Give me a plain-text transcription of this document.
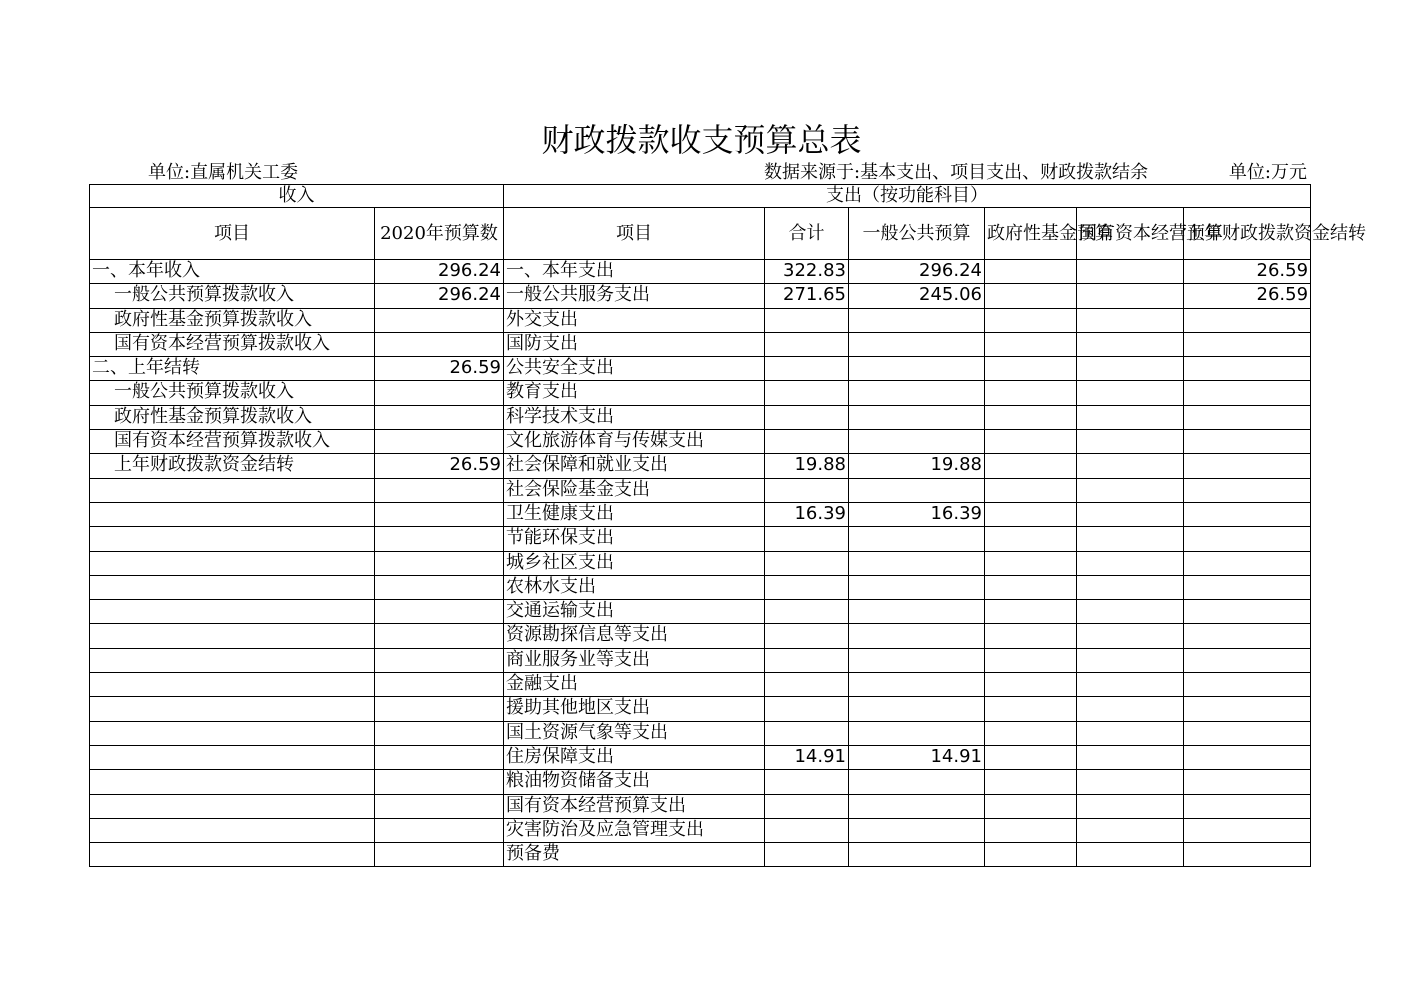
财政拨款收支预算总表
单位:直属机关工委	数据来源于:基本支出、项目支出、财政拨款结余	单位:万元
收入		支出（按功能科目）					
项目	2020年预算数	项目	合计	一般公共预算	政府性基金预算	国有资本经营预算	上年财政拨款资金结转
一、本年收入	296.24	一、本年支出	322.83	296.24			26.59
一般公共预算拨款收入	296.24	一般公共服务支出	271.65	245.06			26.59
政府性基金预算拨款收入		外交支出					
国有资本经营预算拨款收入		国防支出					
二、上年结转	26.59	公共安全支出					
一般公共预算拨款收入		教育支出					
政府性基金预算拨款收入		科学技术支出					
国有资本经营预算拨款收入		文化旅游体育与传媒支出					
上年财政拨款资金结转	26.59	社会保障和就业支出	19.88	19.88			
		社会保险基金支出					
		卫生健康支出	16.39	16.39			
		节能环保支出					
		城乡社区支出					
		农林水支出					
		交通运输支出					
		资源勘探信息等支出					
		商业服务业等支出					
		金融支出					
		援助其他地区支出					
		国土资源气象等支出					
		住房保障支出	14.91	14.91			
		粮油物资储备支出					
		国有资本经营预算支出					
		灾害防治及应急管理支出					
		预备费					
